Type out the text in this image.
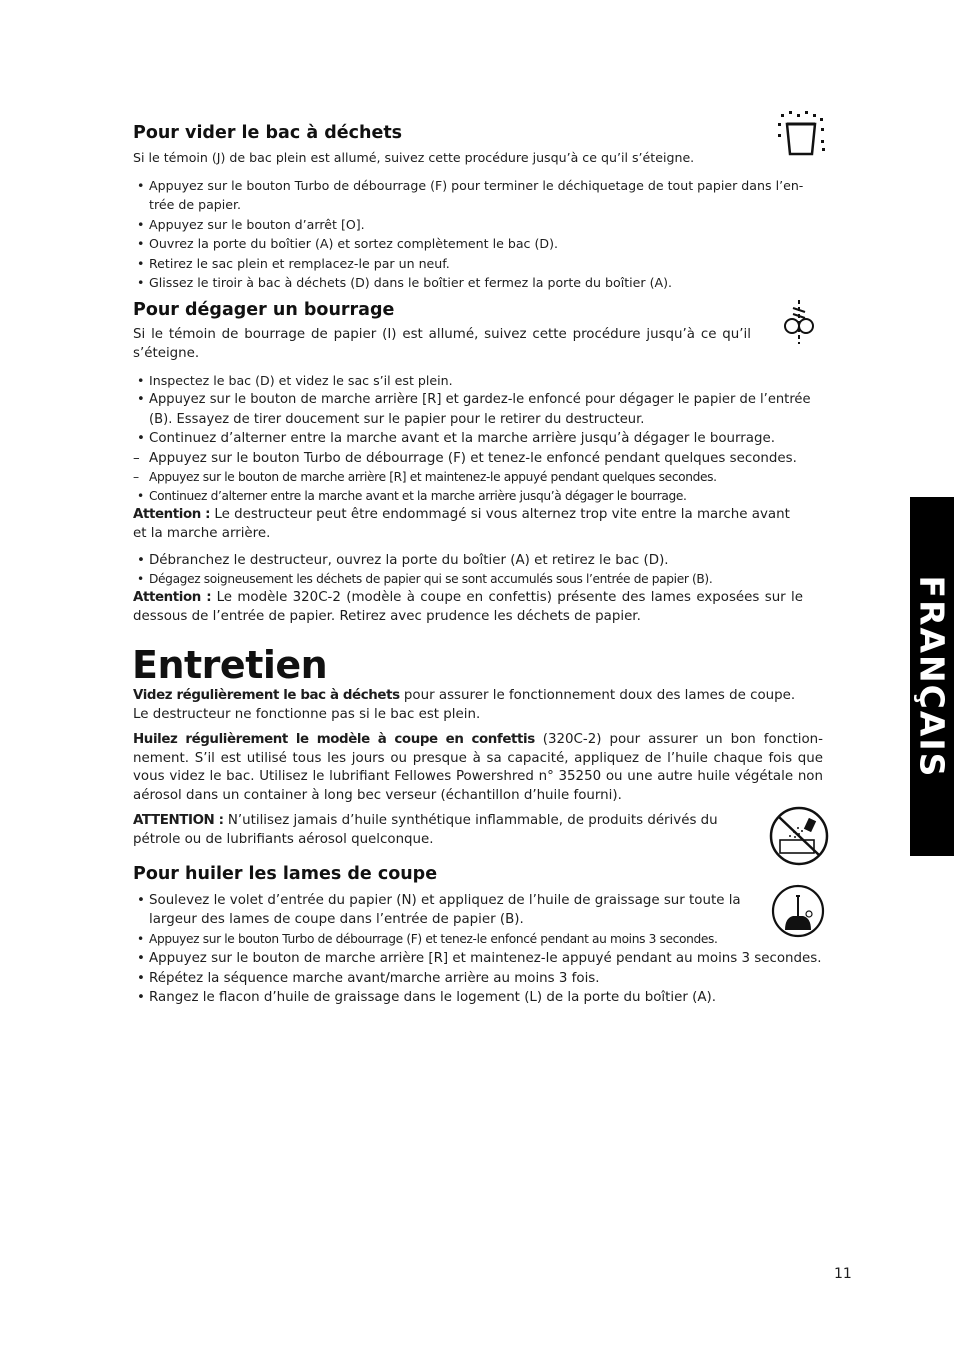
Pour vider le bac à déchets

Si le témoin (J) de bac plein est allumé, suivez cette procédure jusqu’à ce qu’il s’éteigne.

• Appuyez sur le bouton Turbo de débourrage (F) pour terminer le déchiquetage de tout papier dans l’en-trée de papier.
• Appuyez sur le bouton d’arrêt [O].
• Ouvrez la porte du boîtier (A) et sortez complètement le bac (D).
• Retirez le sac plein et remplacez-le par un neuf.
• Glissez le tiroir à bac à déchets (D) dans le boîtier et fermez la porte du boîtier (A).
Pour dégager un bourrage

Si le témoin de bourrage de papier (I) est allumé, suivez cette procédure jusqu’à ce qu’il s’éteigne.

• Inspectez le bac (D) et videz le sac s’il est plein.
• Appuyez sur le bouton de marche arrière [R] et gardez-le enfoncé pour dégager le papier de l’entrée (B). Essayez de tirer doucement sur le papier pour le retirer du destructeur.
• Continuez d’alterner entre la marche avant et la marche arrière jusqu’à dégager le bourrage.
– Appuyez sur le bouton Turbo de débourrage (F) et tenez-le enfoncé pendant quelques secondes.
– Appuyez sur le bouton de marche arrière [R] et maintenez-le appuyé pendant quelques secondes.
• Continuez d’alterner entre la marche avant et la marche arrière jusqu’à dégager le bourrage.

Attention : Le destructeur peut être endommagé si vous alternez trop vite entre la marche avant et la marche arrière.

• Débranchez le destructeur, ouvrez la porte du boîtier (A) et retirez le bac (D).
• Dégagez soigneusement les déchets de papier qui se sont accumulés sous l’entrée de papier (B).

Attention : Le modèle 320C-2 (modèle à coupe en confettis) présente des lames exposées sur le dessous de l’entrée de papier. Retirez avec prudence les déchets de papier.

Entretien

Videz régulièrement le bac à déchets pour assurer le fonctionnement doux des lames de coupe. Le destructeur ne fonctionne pas si le bac est plein.

Huilez régulièrement le modèle à coupe en confettis (320C-2) pour assurer un bon fonction-nement. S’il est utilisé tous les jours ou presque à sa capacité, appliquez de l’huile chaque fois que vous videz le bac. Utilisez le lubrifiant Fellowes Powershred n° 35250 ou une autre huile végétale non aérosol dans un container à long bec verseur (échantillon d’huile fourni).

ATTENTION : N’utilisez jamais d’huile synthétique inflammable, de produits dérivés du pétrole ou de lubrifiants aérosol quelconque.

Pour huiler les lames de coupe
• Soulevez le volet d’entrée du papier (N) et appliquez de l’huile de graissage sur toute la largeur des lames de coupe dans l’entrée de papier (B).
• Appuyez sur le bouton Turbo de débourrage (F) et tenez-le enfoncé pendant au moins 3 secondes.
• Appuyez sur le bouton de marche arrière [R] et maintenez-le appuyé pendant au moins 3 secondes.
• Répétez la séquence marche avant/marche arrière au moins 3 fois.
• Rangez le flacon d’huile de graissage dans le logement (L) de la porte du boîtier (A).
FRANÇAIS
11
